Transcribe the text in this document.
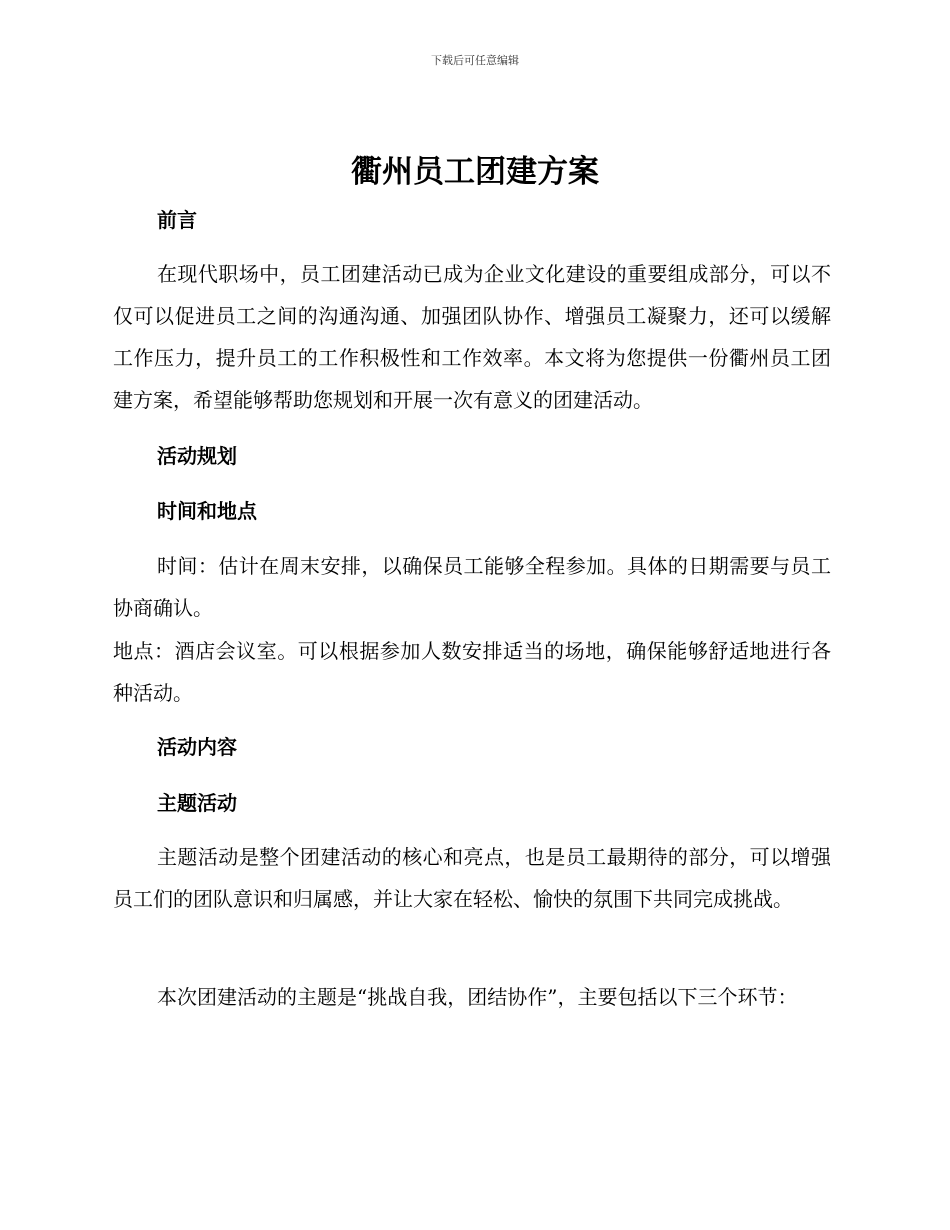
下载后可任意编辑
衢州员工团建方案
前言

在现代职场中，员工团建活动已成为企业文化建设的重要组成部分，可以不仅可以促进员工之间的沟通沟通、加强团队协作、增强员工凝聚力，还可以缓解工作压力，提升员工的工作积极性和工作效率。本文将为您提供一份衢州员工团建方案，希望能够帮助您规划和开展一次有意义的团建活动。

活动规划
时间和地点

时间：估计在周末安排，以确保员工能够全程参加。具体的日期需要与员工协商确认。

地点：酒店会议室。可以根据参加人数安排适当的场地，确保能够舒适地进行各种活动。

活动内容
主题活动

主题活动是整个团建活动的核心和亮点，也是员工最期待的部分，可以增强员工们的团队意识和归属感，并让大家在轻松、愉快的氛围下共同完成挑战。

本次团建活动的主题是“挑战自我，团结协作”，主要包括以下三个环节：
